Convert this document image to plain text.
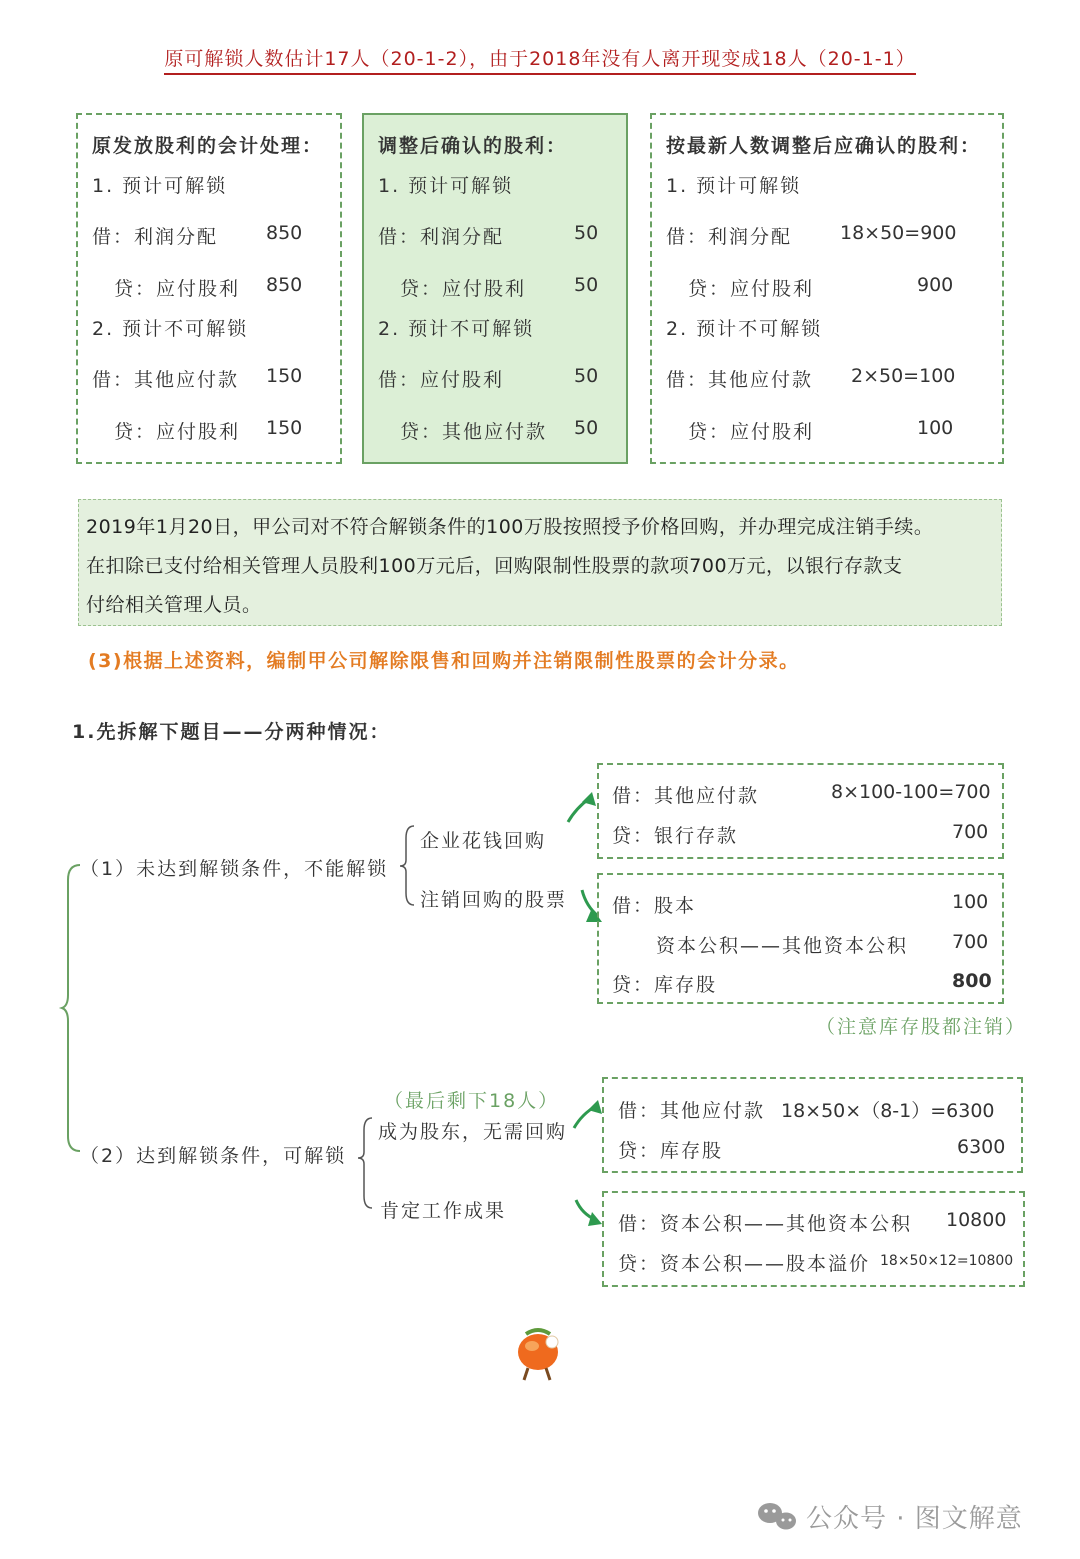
原可解锁人数估计17人（20-1-2），由于2018年没有人离开现变成18人（20-1-1）
原发放股利的会计处理：
1. 预计可解锁
借：利润分配	850
贷：应付股利 850
2. 预计不可解锁
借：其他应付款 150
贷：应付股利 150
调整后确认的股利：
1. 预计可解锁
借：利润分配	50
贷：应付股利	50
2. 预计不可解锁
借：应付股利	50
贷：其他应付款 50
按最新人数调整后应确认的股利：
1. 预计可解锁
借：利润分配	18×50=900
贷：应付股利	900
2. 预计不可解锁
借：其他应付款 2×50=100
贷：应付股利	100
2019年1月20日，甲公司对不符合解锁条件的100万股按照授予价格回购，并办理完成注销手续。
在扣除已支付给相关管理人员股利100万元后，回购限制性股票的款项700万元，以银行存款支
付给相关管理人员。
(3)根据上述资料，编制甲公司解除限售和回购并注销限制性股票的会计分录。
1.先拆解下题目——分两种情况：
（1）未达到解锁条件，不能解锁
企业花钱回购
注销回购的股票
借：其他应付款	8×100-100=700
贷：银行存款	700
借：股本	100
资本公积——其他资本公积 700
贷：库存股	800
（注意库存股都注销）
（最后剩下18人）
成为股东，无需回购
（2）达到解锁条件，可解锁
肯定工作成果
借：其他应付款 18×50×（8-1）=6300
贷：库存股	6300
借：资本公积——其他资本公积 10800
贷：资本公积——股本溢价 18×50×12=10800
公众号 · 图文解意
